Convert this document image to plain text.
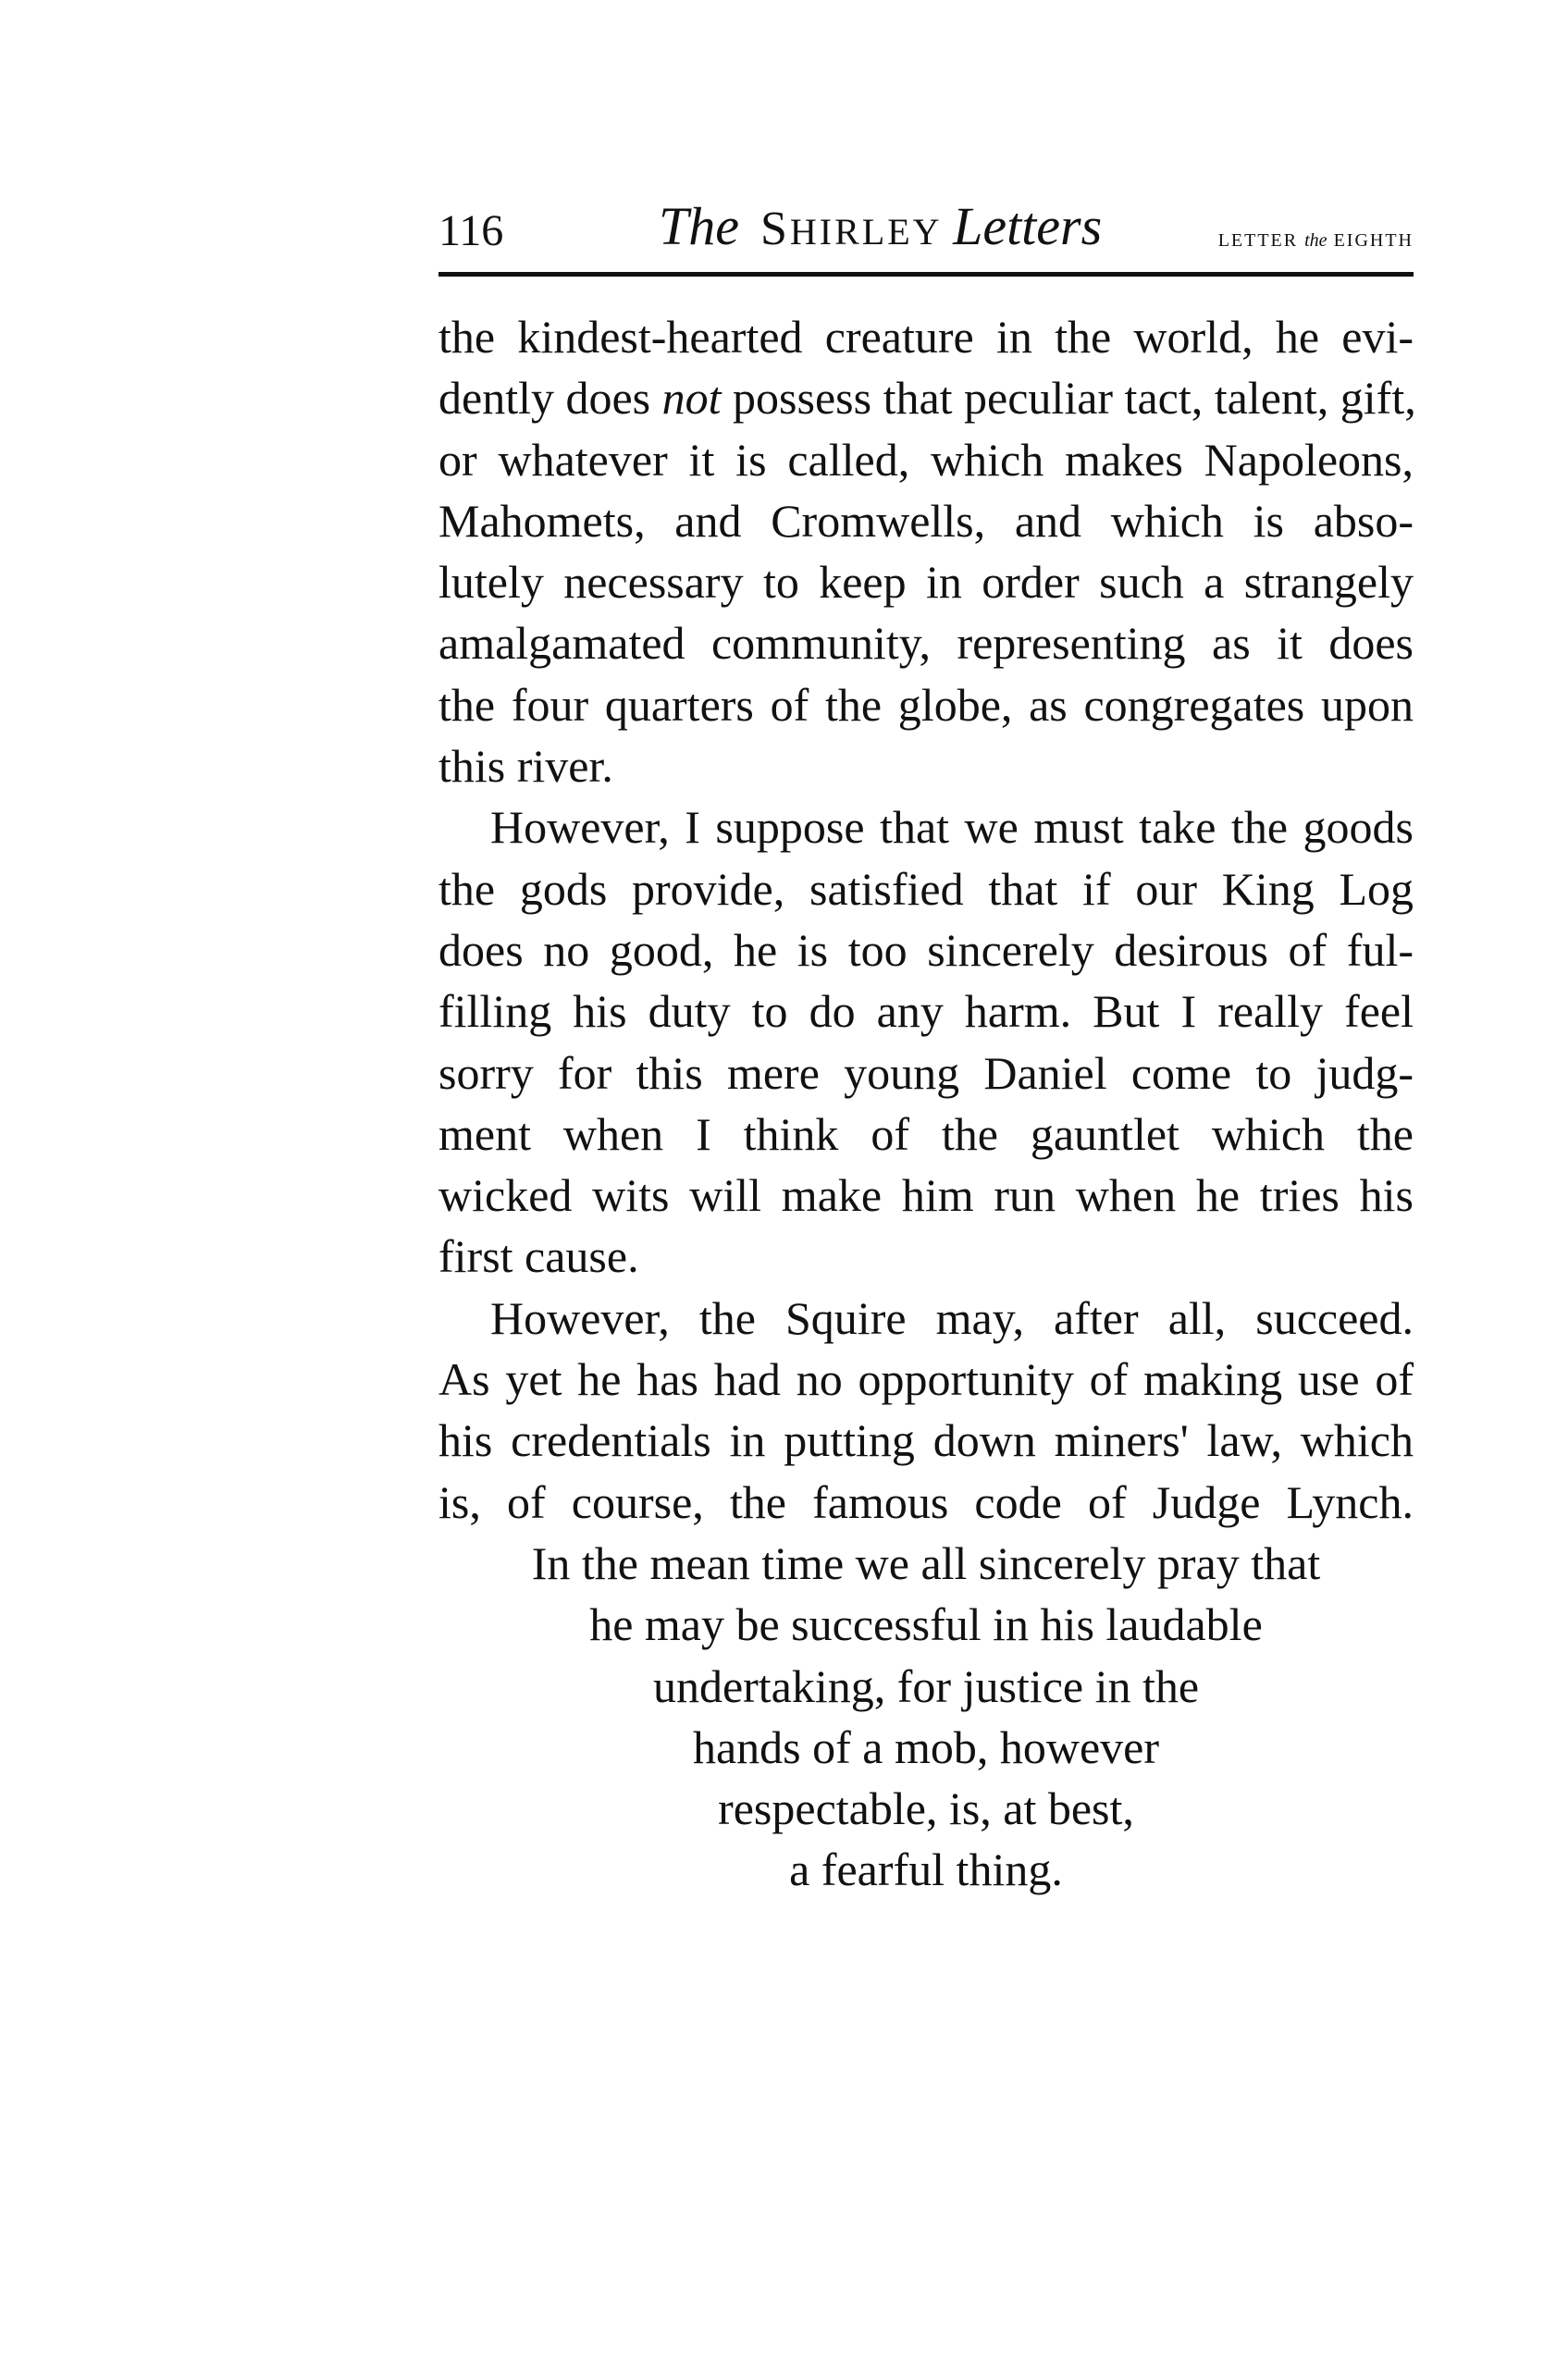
116	The SHIRLEY Letters	LETTER the EIGHTH
the kindest-hearted creature in the world, he evi-
dently does not possess that peculiar tact, talent, gift,
or whatever it is called, which makes Napoleons,
Mahomets, and Cromwells, and which is abso-
lutely necessary to keep in order such a strangely
amalgamated community, representing as it does
the four quarters of the globe, as congregates upon
this river.
However, I suppose that we must take the goods
the gods provide, satisfied that if our King Log
does no good, he is too sincerely desirous of ful-
filling his duty to do any harm. But I really feel
sorry for this mere young Daniel come to judg-
ment when I think of the gauntlet which the
wicked wits will make him run when he tries his
first cause.
However, the Squire may, after all, succeed.
As yet he has had no opportunity of making use of
his credentials in putting down miners' law, which
is, of course, the famous code of Judge Lynch.
In the mean time we all sincerely pray that
he may be successful in his laudable
undertaking, for justice in the
hands of a mob, however
respectable, is, at best,
a fearful thing.
